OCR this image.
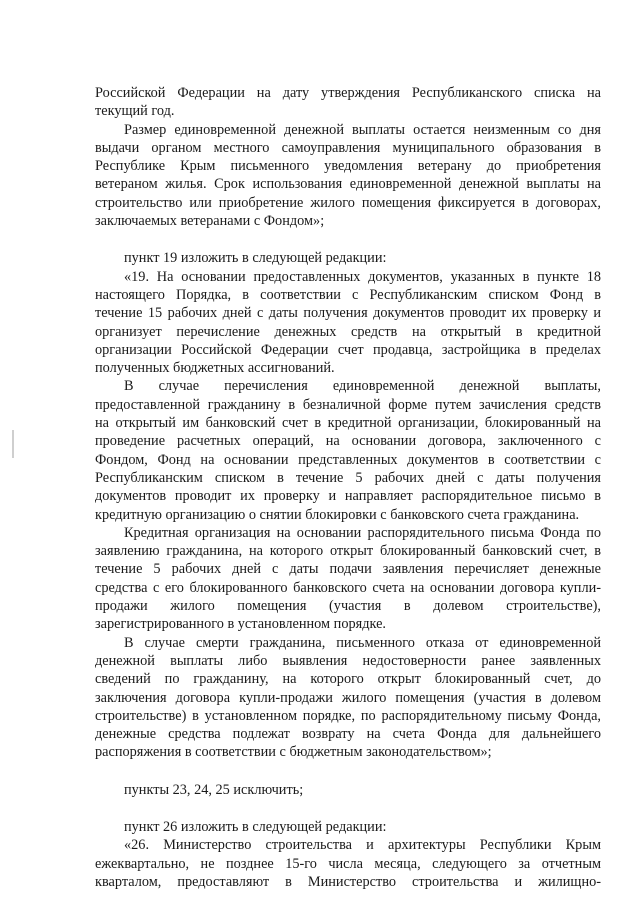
Российской Федерации на дату утверждения Республиканского списка на
текущий год.
Размер единовременной денежной выплаты остается неизменным со дня
выдачи органом местного самоуправления муниципального образования в
Республике Крым письменного уведомления ветерану до приобретения
ветераном жилья. Срок использования единовременной денежной выплаты на
строительство или приобретение жилого помещения фиксируется в договорах,
заключаемых ветеранами с Фондом»;
пункт 19 изложить в следующей редакции:
«19. На основании предоставленных документов, указанных в пункте 18
настоящего Порядка, в соответствии с Республиканским списком Фонд в
течение 15 рабочих дней с даты получения документов проводит их проверку и
организует перечисление денежных средств на открытый в кредитной
организации Российской Федерации счет продавца, застройщика в пределах
полученных бюджетных ассигнований.
В случае перечисления единовременной денежной выплаты,
предоставленной гражданину в безналичной форме путем зачисления средств
на открытый им банковский счет в кредитной организации, блокированный на
проведение расчетных операций, на основании договора, заключенного с
Фондом, Фонд на основании представленных документов в соответствии с
Республиканским списком в течение 5 рабочих дней с даты получения
документов проводит их проверку и направляет распорядительное письмо в
кредитную организацию о снятии блокировки с банковского счета гражданина.
Кредитная организация на основании распорядительного письма Фонда по
заявлению гражданина, на которого открыт блокированный банковский счет, в
течение 5 рабочих дней с даты подачи заявления перечисляет денежные
средства с его блокированного банковского счета на основании договора купли-
продажи жилого помещения (участия в долевом строительстве),
зарегистрированного в установленном порядке.
В случае смерти гражданина, письменного отказа от единовременной
денежной выплаты либо выявления недостоверности ранее заявленных
сведений по гражданину, на которого открыт блокированный счет, до
заключения договора купли-продажи жилого помещения (участия в долевом
строительстве) в установленном порядке, по распорядительному письму Фонда,
денежные средства подлежат возврату на счета Фонда для дальнейшего
распоряжения в соответствии с бюджетным законодательством»;
пункты 23, 24, 25 исключить;
пункт 26 изложить в следующей редакции:
«26. Министерство строительства и архитектуры Республики Крым
ежеквартально, не позднее 15-го числа месяца, следующего за отчетным
кварталом, предоставляют в Министерство строительства и жилищно-
